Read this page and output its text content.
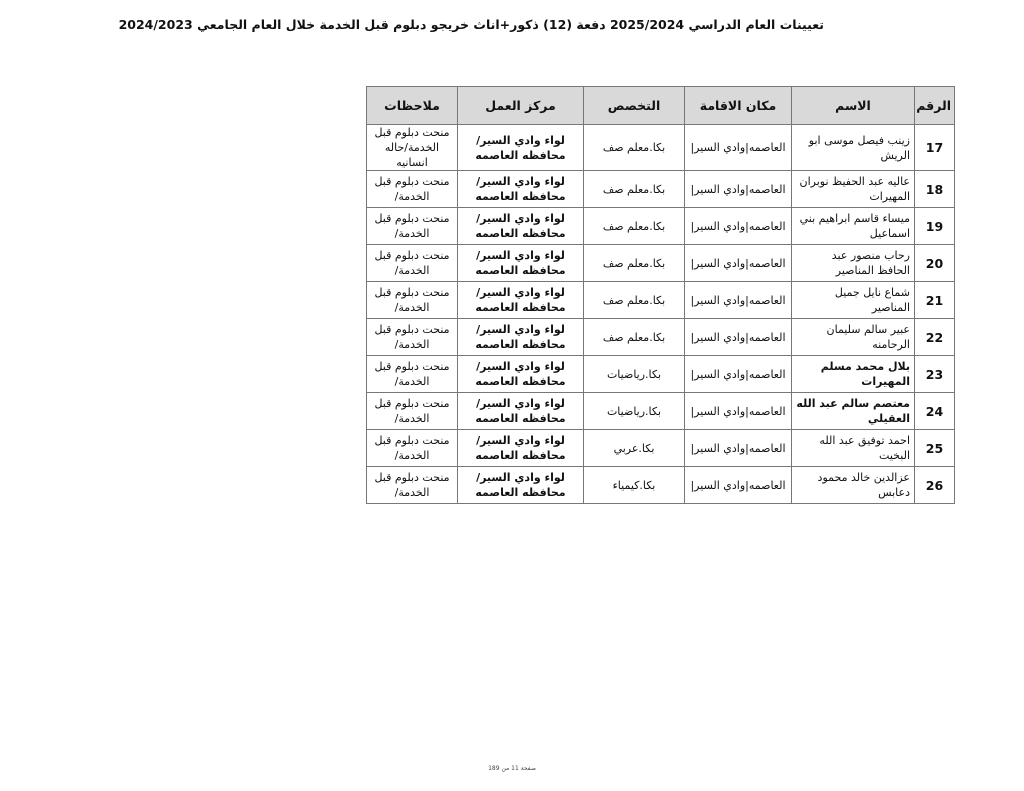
تعيينات العام الدراسي 2025/2024 دفعة (12) ذكور+اناث خريجو دبلوم قبل الخدمة خلال العام الجامعي 2024/2023
الرقم	الاسم	مكان الاقامة	التخصص	مركز العمل	ملاحظات
17	زينب فيصل موسى ابو الريش	العاصمه|وادي السير|	بكا.معلم صف	لواء وادي السير/محافظه العاصمه	منحت دبلوم قبل الخدمة/حاله انسانيه
18	عاليه عبد الحفيظ نوبران المهيرات	العاصمه|وادي السير|	بكا.معلم صف	لواء وادي السير/محافظه العاصمه	منحت دبلوم قبل الخدمة/
19	ميساء قاسم ابراهيم بني اسماعيل	العاصمه|وادي السير|	بكا.معلم صف	لواء وادي السير/محافظه العاصمه	منحت دبلوم قبل الخدمة/
20	رحاب منصور عبد الحافظ المناصير	العاصمه|وادي السير|	بكا.معلم صف	لواء وادي السير/محافظه العاصمه	منحت دبلوم قبل الخدمة/
21	شماع نايل جميل المناصير	العاصمه|وادي السير|	بكا.معلم صف	لواء وادي السير/محافظه العاصمه	منحت دبلوم قبل الخدمة/
22	عبير سالم سليمان الرحامنه	العاصمه|وادي السير|	بكا.معلم صف	لواء وادي السير/محافظه العاصمه	منحت دبلوم قبل الخدمة/
23	بلال محمد مسلم المهيرات	العاصمه|وادي السير|	بكا.رياضيات	لواء وادي السير/محافظه العاصمه	منحت دبلوم قبل الخدمة/
24	معتصم سالم عبد الله العقيلي	العاصمه|وادي السير|	بكا.رياضيات	لواء وادي السير/محافظه العاصمه	منحت دبلوم قبل الخدمة/
25	احمد توفيق عبد الله البخيت	العاصمه|وادي السير|	بكا.عربي	لواء وادي السير/محافظه العاصمه	منحت دبلوم قبل الخدمة/
26	عزالدين خالد محمود دعابس	العاصمه|وادي السير|	بكا.كيمياء	لواء وادي السير/محافظه العاصمه	منحت دبلوم قبل الخدمة/
صفحة 11 من 189
